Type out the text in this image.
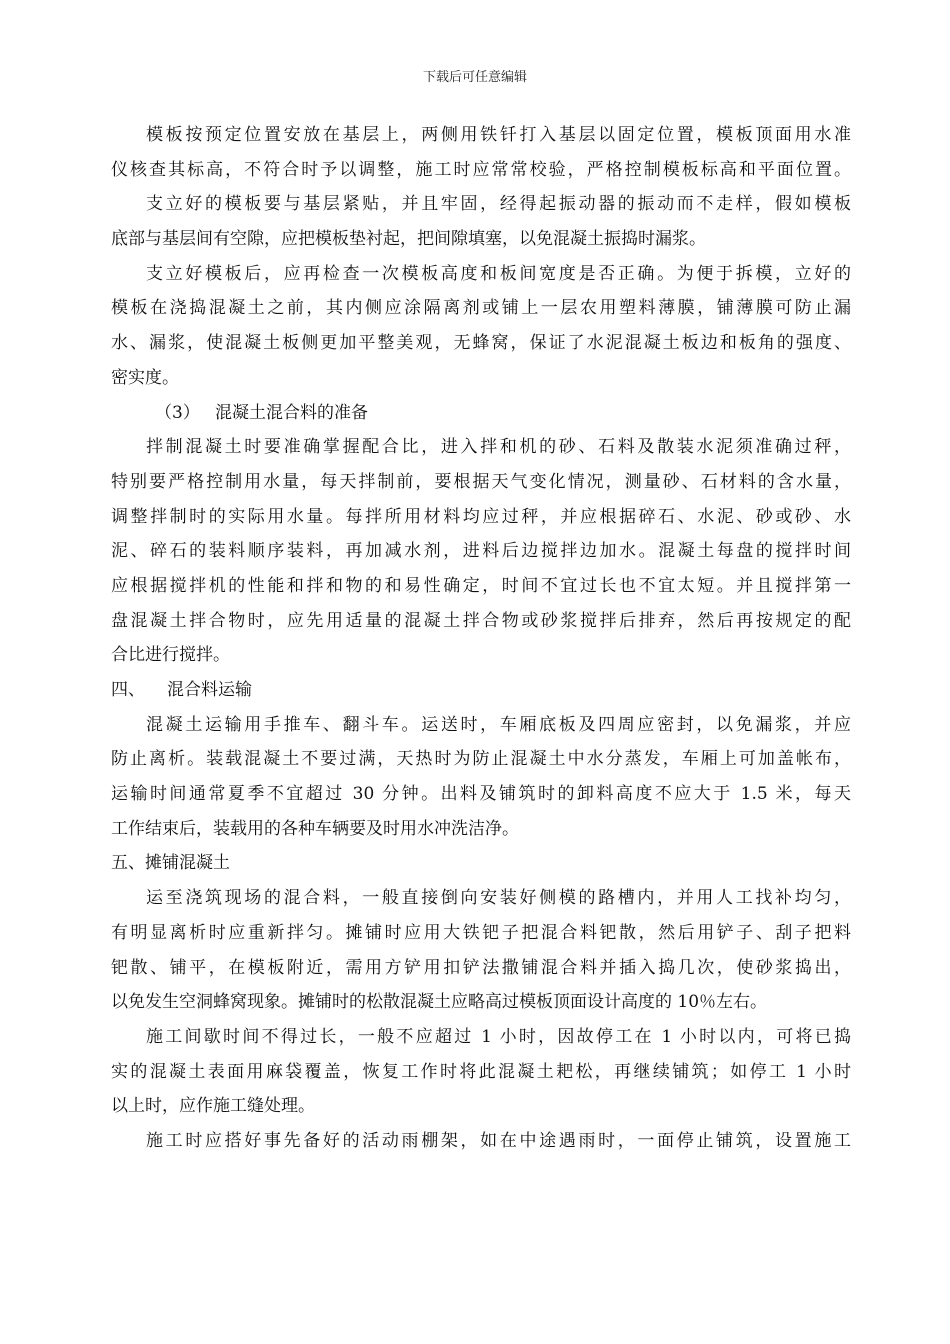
下载后可任意编辑
模板按预定位置安放在基层上，两侧用铁钎打入基层以固定位置，模板顶面用水准
仪核查其标高，不符合时予以调整，施工时应常常校验，严格控制模板标高和平面位置。
支立好的模板要与基层紧贴，并且牢固，经得起振动器的振动而不走样，假如模板
底部与基层间有空隙，应把模板垫衬起，把间隙填塞，以免混凝土振捣时漏浆。
支立好模板后，应再检查一次模板高度和板间宽度是否正确。为便于拆模，立好的
模板在浇捣混凝土之前，其内侧应涂隔离剂或铺上一层农用塑料薄膜，铺薄膜可防止漏
水、漏浆，使混凝土板侧更加平整美观，无蜂窝，保证了水泥混凝土板边和板角的强度、
密实度。
（3） 混凝土混合料的准备
拌制混凝土时要准确掌握配合比，进入拌和机的砂、石料及散装水泥须准确过秤，
特别要严格控制用水量，每天拌制前，要根据天气变化情况，测量砂、石材料的含水量，
调整拌制时的实际用水量。每拌所用材料均应过秤，并应根据碎石、水泥、砂或砂、水
泥、碎石的装料顺序装料，再加减水剂，进料后边搅拌边加水。混凝土每盘的搅拌时间
应根据搅拌机的性能和拌和物的和易性确定，时间不宜过长也不宜太短。并且搅拌第一
盘混凝土拌合物时，应先用适量的混凝土拌合物或砂浆搅拌后排弃，然后再按规定的配
合比进行搅拌。
四、 混合料运输
混凝土运输用手推车、翻斗车。运送时，车厢底板及四周应密封，以免漏浆，并应
防止离析。装载混凝土不要过满，天热时为防止混凝土中水分蒸发，车厢上可加盖帐布，
运输时间通常夏季不宜超过 30 分钟。出料及铺筑时的卸料高度不应大于 1.5 米，每天
工作结束后，装载用的各种车辆要及时用水冲洗洁净。
五、摊铺混凝土
运至浇筑现场的混合料，一般直接倒向安装好侧模的路槽内，并用人工找补均匀，
有明显离析时应重新拌匀。摊铺时应用大铁钯子把混合料钯散，然后用铲子、刮子把料
钯散、铺平，在模板附近，需用方铲用扣铲法撒铺混合料并插入捣几次，使砂浆捣出，
以免发生空洞蜂窝现象。摊铺时的松散混凝土应略高过模板顶面设计高度的 10％左右。
施工间歇时间不得过长，一般不应超过 1 小时，因故停工在 1 小时以内，可将已捣
实的混凝土表面用麻袋覆盖，恢复工作时将此混凝土耙松，再继续铺筑；如停工 1 小时
以上时，应作施工缝处理。
施工时应搭好事先备好的活动雨棚架，如在中途遇雨时，一面停止铺筑，设置施工
